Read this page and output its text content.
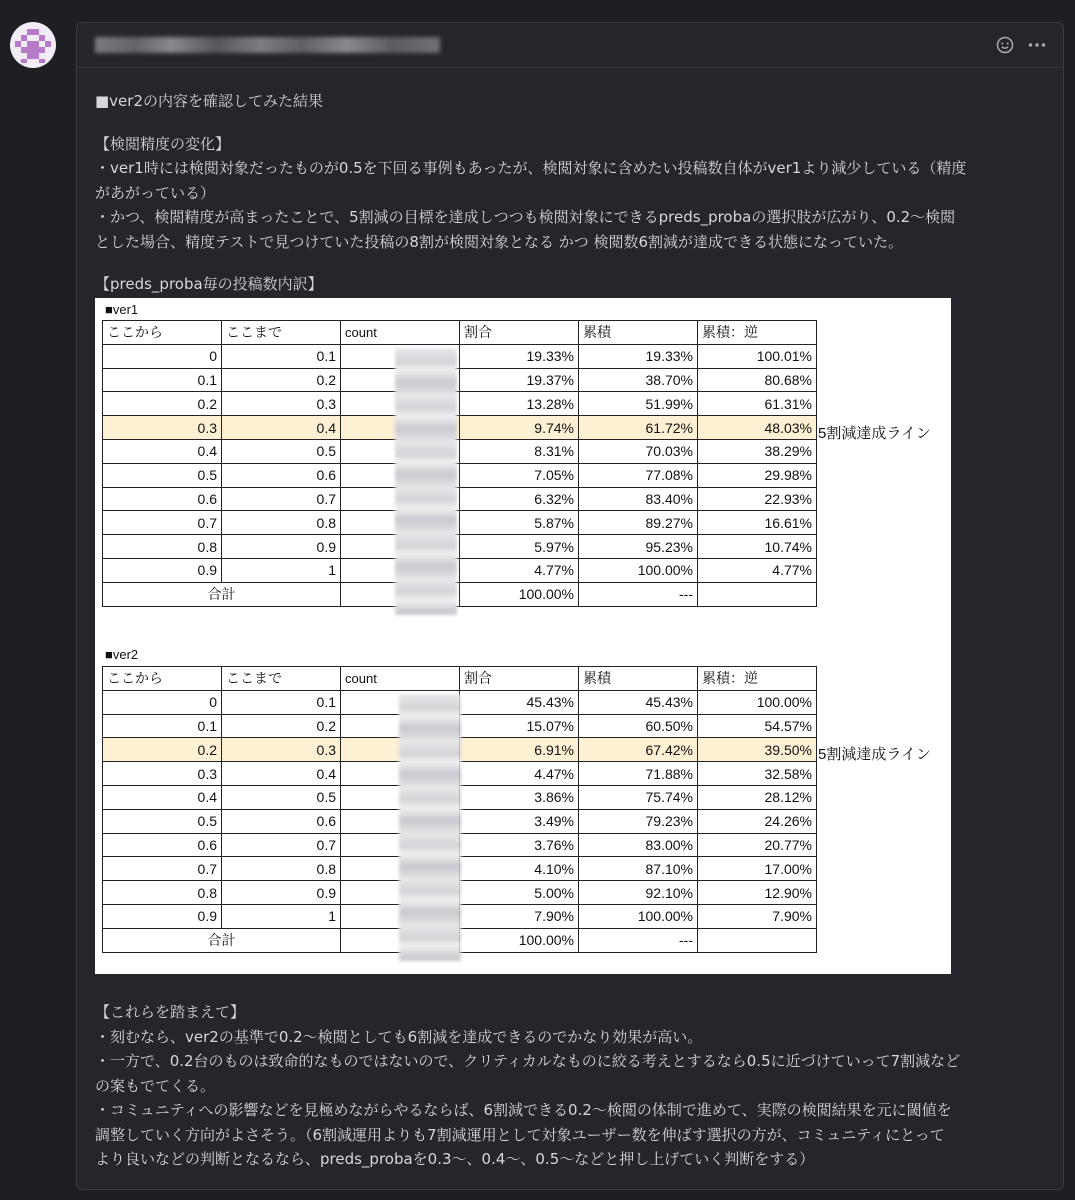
■ver2の内容を確認してみた結果

【検閲精度の変化】

・ver1時には検閲対象だったものが0.5を下回る事例もあったが、検閲対象に含めたい投稿数自体がver1より減少している（精度

があがっている）

・かつ、検閲精度が高まったことで、5割減の目標を達成しつつも検閲対象にできるpreds_probaの選択肢が広がり、0.2〜検閲

とした場合、精度テストで見つけていた投稿の8割が検閲対象となる かつ 検閲数6割減が達成できる状態になっていた。

【preds_proba毎の投稿数内訳】

■ver1
ここから	ここまで	count	割合	累積	累積：逆
0	0.1		19.33%	19.33%	100.01%
0.1	0.2		19.37%	38.70%	80.68%
0.2	0.3		13.28%	51.99%	61.31%
0.3	0.4		9.74%	61.72%	48.03%
0.4	0.5		8.31%	70.03%	38.29%
0.5	0.6		7.05%	77.08%	29.98%
0.6	0.7		6.32%	83.40%	22.93%
0.7	0.8		5.87%	89.27%	16.61%
0.8	0.9		5.97%	95.23%	10.74%
0.9	1		4.77%	100.00%	4.77%
合計			100.00%	---	
5割減達成ライン
■ver2
ここから	ここまで	count	割合	累積	累積：逆
0	0.1		45.43%	45.43%	100.00%
0.1	0.2		15.07%	60.50%	54.57%
0.2	0.3		6.91%	67.42%	39.50%
0.3	0.4		4.47%	71.88%	32.58%
0.4	0.5		3.86%	75.74%	28.12%
0.5	0.6		3.49%	79.23%	24.26%
0.6	0.7		3.76%	83.00%	20.77%
0.7	0.8		4.10%	87.10%	17.00%
0.8	0.9		5.00%	92.10%	12.90%
0.9	1		7.90%	100.00%	7.90%
合計			100.00%	---	
5割減達成ライン

【これらを踏まえて】

・刻むなら、ver2の基準で0.2〜検閲としても6割減を達成できるのでかなり効果が高い。

・一方で、0.2台のものは致命的なものではないので、クリティカルなものに絞る考えとするなら0.5に近づけていって7割減など

の案もでてくる。

・コミュニティへの影響などを見極めながらやるならば、6割減できる0.2〜検閲の体制で進めて、実際の検閲結果を元に閾値を

調整していく方向がよさそう。（6割減運用よりも7割減運用として対象ユーザー数を伸ばす選択の方が、コミュニティにとって

より良いなどの判断となるなら、preds_probaを0.3〜、0.4〜、0.5〜などと押し上げていく判断をする）
